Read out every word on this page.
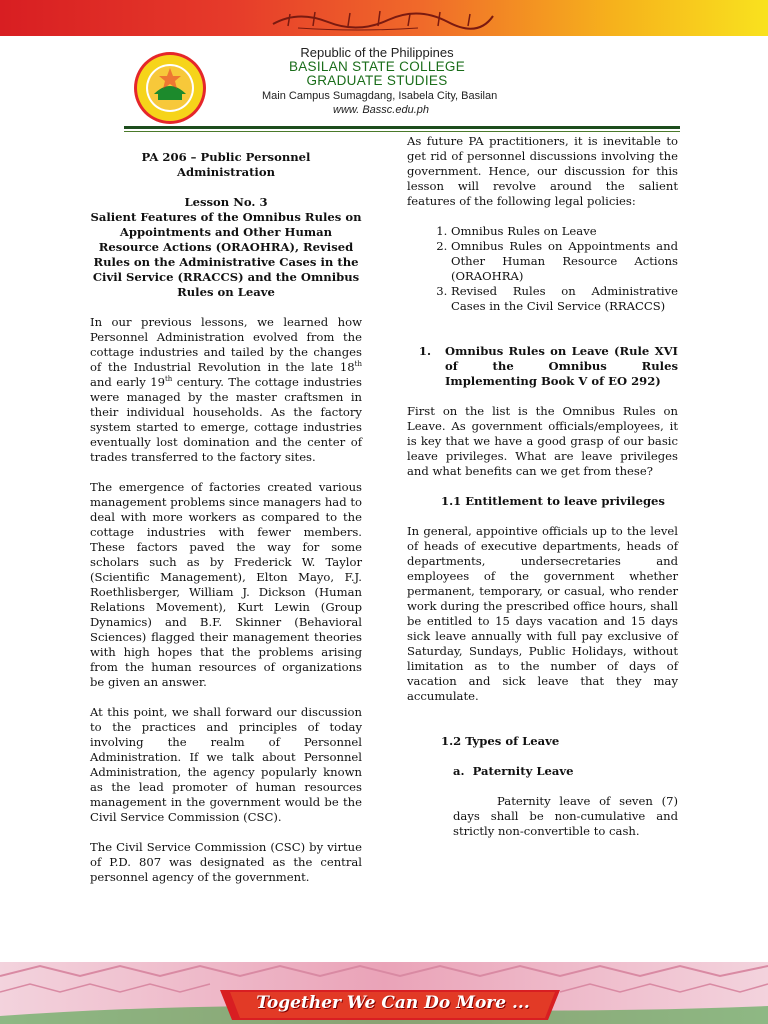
Republic of the Philippines

BASILAN STATE COLLEGE

GRADUATE STUDIES

Main Campus Sumagdang, Isabela City, Basilan

www. Bassc.edu.ph

PA 206 – Public Personnel Administration

Lesson No. 3

Salient Features of the Omnibus Rules on Appointments and Other Human Resource Actions (ORAOHRA), Revised Rules on the Administrative Cases in the Civil Service (RRACCS) and the Omnibus Rules on Leave

In our previous lessons, we learned how Personnel Administration evolved from the cottage industries and tailed by the changes of the Industrial Revolution in the late 18th and early 19th century. The cottage industries were managed by the master craftsmen in their individual households. As the factory system started to emerge, cottage industries eventually lost domination and the center of trades transferred to the factory sites.

The emergence of factories created various management problems since managers had to deal with more workers as compared to the cottage industries with fewer members. These factors paved the way for some scholars such as by Frederick W. Taylor (Scientific Management), Elton Mayo, F.J. Roethlisberger, William J. Dickson (Human Relations Movement), Kurt Lewin (Group Dynamics) and B.F. Skinner (Behavioral Sciences) flagged their management theories with high hopes that the problems arising from the human resources of organizations be given an answer.

At this point, we shall forward our discussion to the practices and principles of today involving the realm of Personnel Administration. If we talk about Personnel Administration, the agency popularly known as the lead promoter of human resources management in the government would be the Civil Service Commission (CSC).

The Civil Service Commission (CSC) by virtue of P.D. 807 was designated as the central personnel agency of the government.

As future PA practitioners, it is inevitable to get rid of personnel discussions involving the government. Hence, our discussion for this lesson will revolve around the salient features of the following legal policies:

1. Omnibus Rules on Leave
2. Omnibus Rules on Appointments and Other Human Resource Actions (ORAOHRA)
3. Revised Rules on Administrative Cases in the Civil Service (RRACCS)
1.	Omnibus Rules on Leave (Rule XVI of the Omnibus Rules Implementing Book V of EO 292)

First on the list is the Omnibus Rules on Leave. As government officials/employees, it is key that we have a good grasp of our basic leave privileges. What are leave privileges and what benefits can we get from these?

1.1 Entitlement to leave privileges

In general, appointive officials up to the level of heads of executive departments, heads of departments, undersecretaries and employees of the government whether permanent, temporary, or casual, who render work during the prescribed office hours, shall be entitled to 15 days vacation and 15 days sick leave annually with full pay exclusive of Saturday, Sundays, Public Holidays, without limitation as to the number of days of vacation and sick leave that they may accumulate.

1.2 Types of Leave

a.  Paternity Leave

Paternity leave of seven (7) days shall be non-cumulative and strictly non-convertible to cash.

Together We Can Do More ...
